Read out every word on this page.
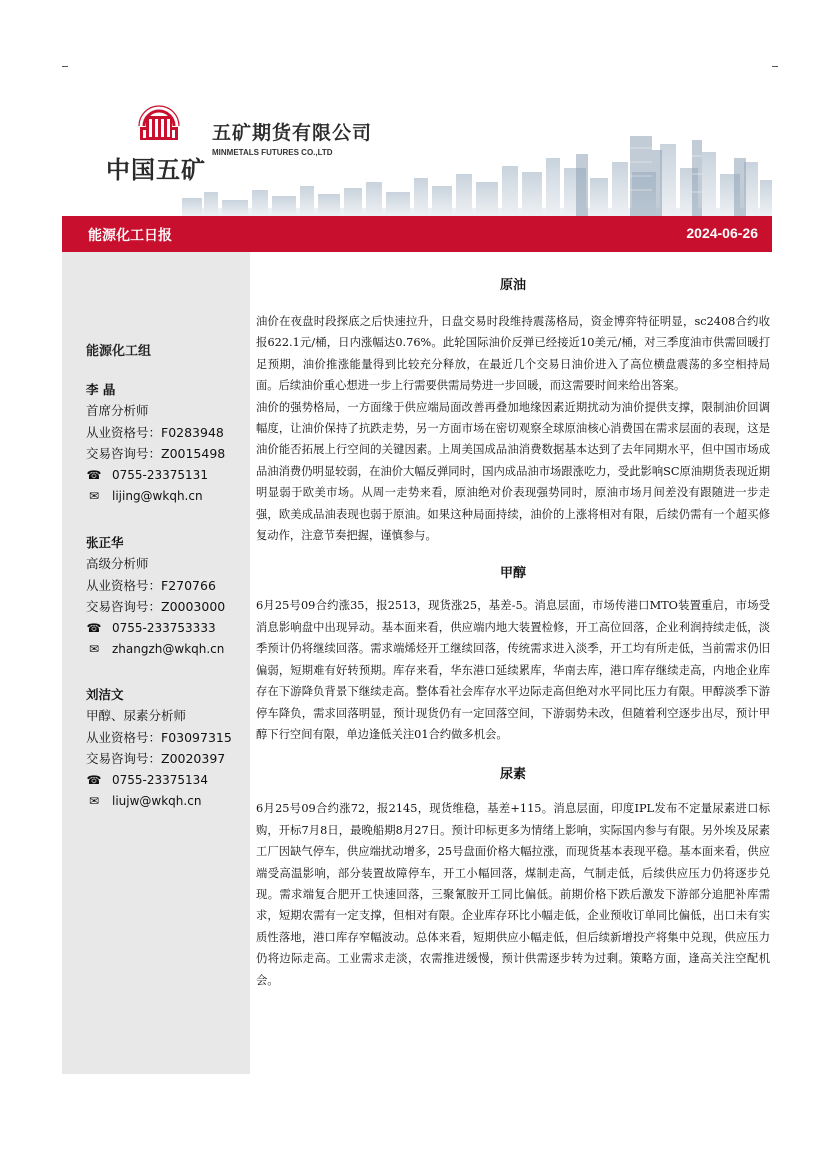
中国五矿
五矿期货有限公司
MINMETALS FUTURES CO.,LTD
能源化工日报	2024-06-26
能源化工组
李 晶
首席分析师
从业资格号：F0283948
交易咨询号：Z0015498
☎ 0755-23375131
✉ lijing@wkqh.cn
张正华
高级分析师
从业资格号：F270766
交易咨询号：Z0003000
☎ 0755-233753333
✉ zhangzh@wkqh.cn
刘洁文
甲醇、尿素分析师
从业资格号：F03097315
交易咨询号：Z0020397
☎ 0755-23375134
✉ liujw@wkqh.cn
原油

油价在夜盘时段探底之后快速拉升，日盘交易时段维持震荡格局，资金博弈特征明显，sc2408合约收报622.1元/桶，日内涨幅达0.76%。此轮国际油价反弹已经接近10美元/桶，对三季度油市供需回暖打足预期，油价推涨能量得到比较充分释放，在最近几个交易日油价进入了高位横盘震荡的多空相持局面。后续油价重心想进一步上行需要供需局势进一步回暖，而这需要时间来给出答案。

油价的强势格局，一方面缘于供应端局面改善再叠加地缘因素近期扰动为油价提供支撑，限制油价回调幅度，让油价保持了抗跌走势，另一方面市场在密切观察全球原油核心消费国在需求层面的表现，这是油价能否拓展上行空间的关键因素。上周美国成品油消费数据基本达到了去年同期水平，但中国市场成品油消费仍明显较弱，在油价大幅反弹同时，国内成品油市场跟涨吃力，受此影响SC原油期货表现近期明显弱于欧美市场。从周一走势来看，原油绝对价表现强势同时，原油市场月间差没有跟随进一步走强，欧美成品油表现也弱于原油。如果这种局面持续，油价的上涨将相对有限，后续仍需有一个超买修复动作，注意节奏把握，谨慎参与。

甲醇

6月25号09合约涨35，报2513，现货涨25，基差-5。消息层面，市场传港口MTO装置重启，市场受消息影响盘中出现异动。基本面来看，供应端内地大装置检修，开工高位回落，企业利润持续走低，淡季预计仍将继续回落。需求端烯烃开工继续回落，传统需求进入淡季，开工均有所走低，当前需求仍旧偏弱，短期难有好转预期。库存来看，华东港口延续累库，华南去库，港口库存继续走高，内地企业库存在下游降负背景下继续走高。整体看社会库存水平边际走高但绝对水平同比压力有限。甲醇淡季下游停车降负，需求回落明显，预计现货仍有一定回落空间，下游弱势未改，但随着利空逐步出尽，预计甲醇下行空间有限，单边逢低关注01合约做多机会。

尿素

6月25号09合约涨72，报2145，现货维稳，基差+115。消息层面，印度IPL发布不定量尿素进口标购，开标7月8日，最晚船期8月27日。预计印标更多为情绪上影响，实际国内参与有限。另外埃及尿素工厂因缺气停车，供应端扰动增多，25号盘面价格大幅拉涨，而现货基本表现平稳。基本面来看，供应端受高温影响，部分装置故障停车，开工小幅回落，煤制走高，气制走低，后续供应压力仍将逐步兑现。需求端复合肥开工快速回落，三聚氰胺开工同比偏低。前期价格下跌后激发下游部分追肥补库需求，短期农需有一定支撑，但相对有限。企业库存环比小幅走低，企业预收订单同比偏低，出口未有实质性落地，港口库存窄幅波动。总体来看，短期供应小幅走低，但后续新增投产将集中兑现，供应压力仍将边际走高。工业需求走淡，农需推进缓慢，预计供需逐步转为过剩。策略方面，逢高关注空配机会。
